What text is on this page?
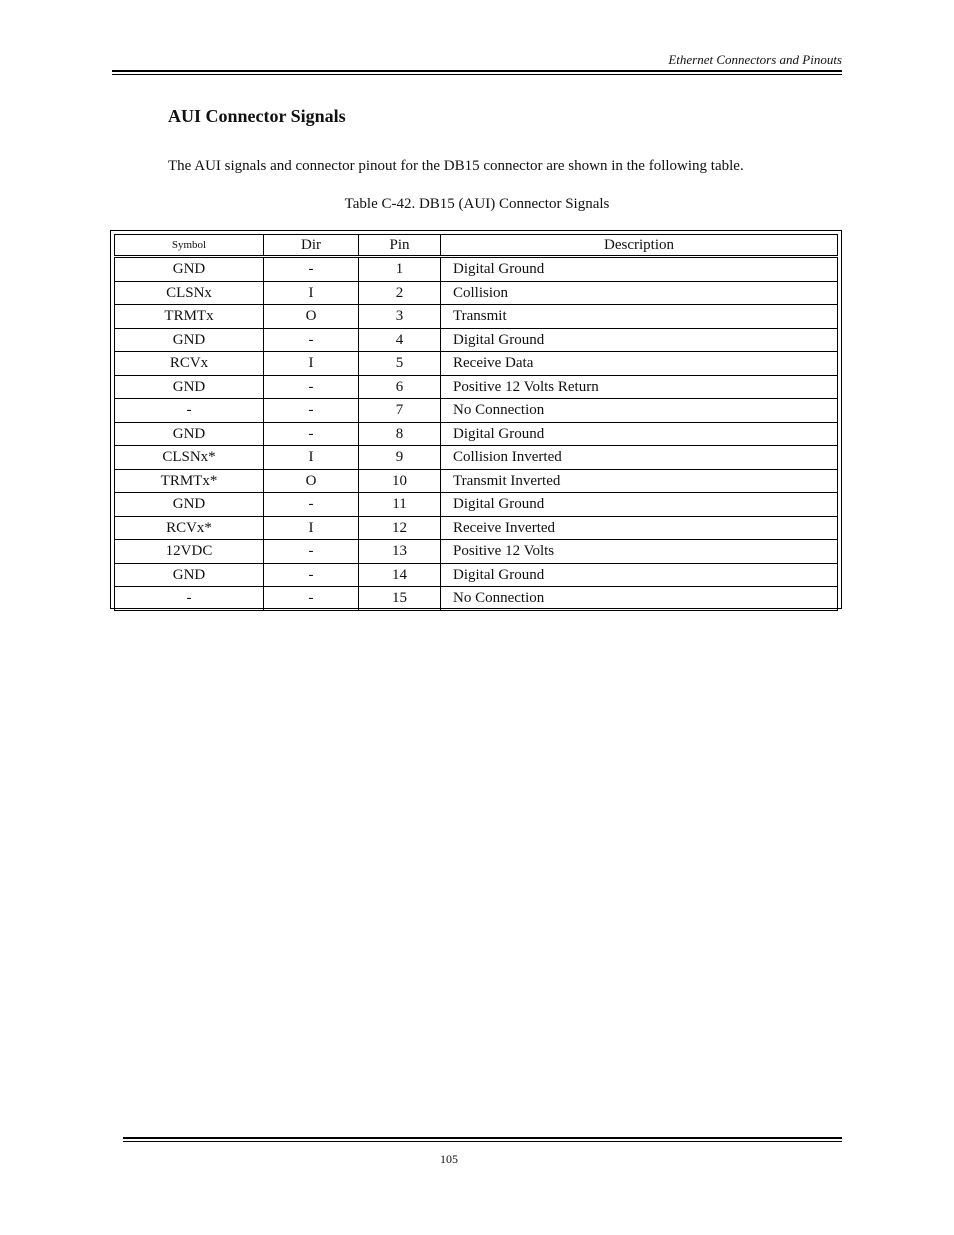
Ethernet Connectors and Pinouts
AUI Connector Signals

The AUI signals and connector pinout for the DB15 connector are shown in the following table.

Table C-42. DB15 (AUI) Connector Signals
Symbol	Dir	Pin	Description
GND	-	1	Digital Ground
CLSNx	I	2	Collision
TRMTx	O	3	Transmit
GND	-	4	Digital Ground
RCVx	I	5	Receive Data
GND	-	6	Positive 12 Volts Return
-	-	7	No Connection
GND	-	8	Digital Ground
CLSNx*	I	9	Collision Inverted
TRMTx*	O	10	Transmit Inverted
GND	-	11	Digital Ground
RCVx*	I	12	Receive Inverted
12VDC	-	13	Positive 12 Volts
GND	-	14	Digital Ground
-	-	15	No Connection
105
